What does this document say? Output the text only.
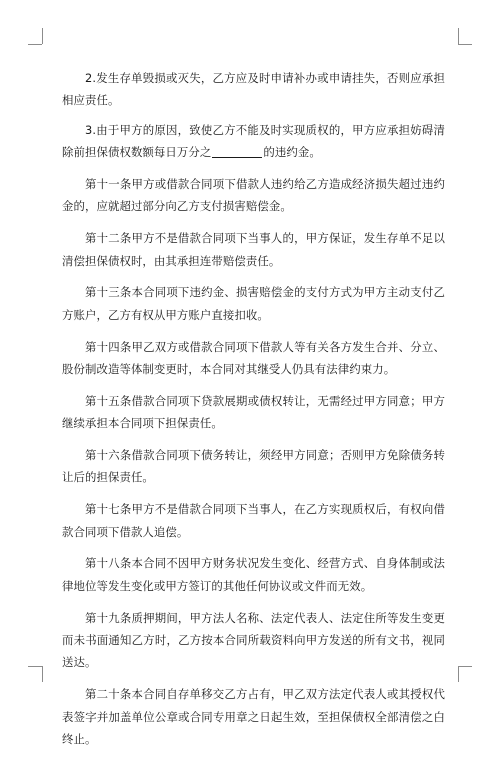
2.发生存单毁损或灭失，乙方应及时申请补办或申请挂失，否则应承担相应责任。

3.由于甲方的原因，致使乙方不能及时实现质权的，甲方应承担妨碍清除前担保债权数额每日万分之	的违约金。

第十一条甲方或借款合同项下借款人违约给乙方造成经济损失超过违约金的，应就超过部分向乙方支付损害赔偿金。

第十二条甲方不是借款合同项下当事人的，甲方保证，发生存单不足以清偿担保债权时，由其承担连带赔偿责任。

第十三条本合同项下违约金、损害赔偿金的支付方式为甲方主动支付乙方账户，乙方有权从甲方账户直接扣收。

第十四条甲乙双方或借款合同项下借款人等有关各方发生合并、分立、股份制改造等体制变更时，本合同对其继受人仍具有法律约束力。

第十五条借款合同项下贷款展期或债权转让，无需经过甲方同意；甲方继续承担本合同项下担保责任。

第十六条借款合同项下债务转让，须经甲方同意；否则甲方免除债务转让后的担保责任。

第十七条甲方不是借款合同项下当事人，在乙方实现质权后，有权向借款合同项下借款人追偿。

第十八条本合同不因甲方财务状况发生变化、经营方式、自身体制或法律地位等发生变化或甲方签订的其他任何协议或文件而无效。

第十九条质押期间，甲方法人名称、法定代表人、法定住所等发生变更而未书面通知乙方时，乙方按本合同所载资料向甲方发送的所有文书，视同送达。

第二十条本合同自存单移交乙方占有，甲乙双方法定代表人或其授权代表签字并加盖单位公章或合同专用章之日起生效，至担保债权全部清偿之白终止。
